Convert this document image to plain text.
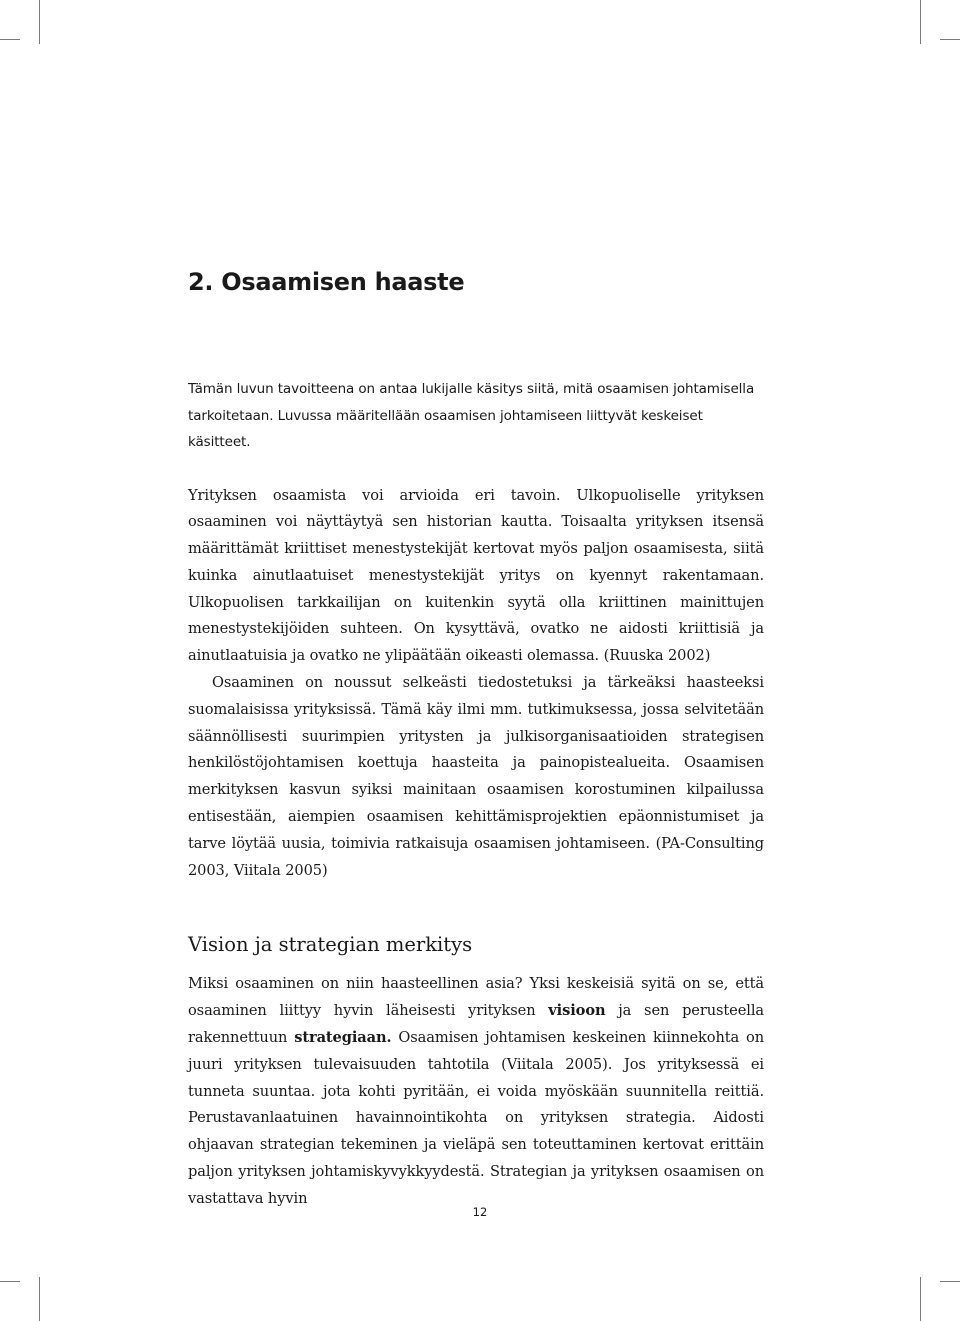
2. Osaamisen haaste

Tämän luvun tavoitteena on antaa lukijalle käsitys siitä, mitä osaamisen johtamisella tarkoitetaan. Luvussa määritellään osaamisen johtamiseen liittyvät keskeiset käsitteet.

Yrityksen osaamista voi arvioida eri tavoin. Ulkopuoliselle yrityksen osaaminen voi näyttäytyä sen historian kautta. Toisaalta yrityksen itsensä määrittämät kriittiset menestystekijät kertovat myös paljon osaamisesta, siitä kuinka ainutlaatuiset menestystekijät yritys on kyennyt rakentamaan. Ulkopuolisen tarkkailijan on kuitenkin syytä olla kriittinen mainittujen menestystekijöiden suhteen. On kysyttävä, ovatko ne aidosti kriittisiä ja ainutlaatuisia ja ovatko ne ylipäätään oikeasti olemassa. (Ruuska 2002)

Osaaminen on noussut selkeästi tiedostetuksi ja tärkeäksi haasteeksi suomalaisissa yrityksissä. Tämä käy ilmi mm. tutkimuksessa, jossa selvitetään säännöllisesti suurimpien yritysten ja julkisorganisaatioiden strategisen henkilöstöjohtamisen koettuja haasteita ja painopistealueita. Osaamisen merkityksen kasvun syiksi mainitaan osaamisen korostuminen kilpailussa entisestään, aiempien osaamisen kehittämisprojektien epäonnistumiset ja tarve löytää uusia, toimivia ratkaisuja osaamisen johtamiseen. (PA-Consulting 2003, Viitala 2005)

Vision ja strategian merkitys

Miksi osaaminen on niin haasteellinen asia? Yksi keskeisiä syitä on se, että osaaminen liittyy hyvin läheisesti yrityksen visioon ja sen perusteella rakennettuun strategiaan. Osaamisen johtamisen keskeinen kiinnekohta on juuri yrityksen tulevaisuuden tahtotila (Viitala 2005). Jos yrityksessä ei tunneta suuntaa. jota kohti pyritään, ei voida myöskään suunnitella reittiä. Perustavanlaatuinen havainnointikohta on yrityksen strategia. Aidosti ohjaavan strategian tekeminen ja vieläpä sen toteuttaminen kertovat erittäin paljon yrityksen johtamiskyvykkyydestä. Strategian ja yrityksen osaamisen on vastattava hyvin

12
